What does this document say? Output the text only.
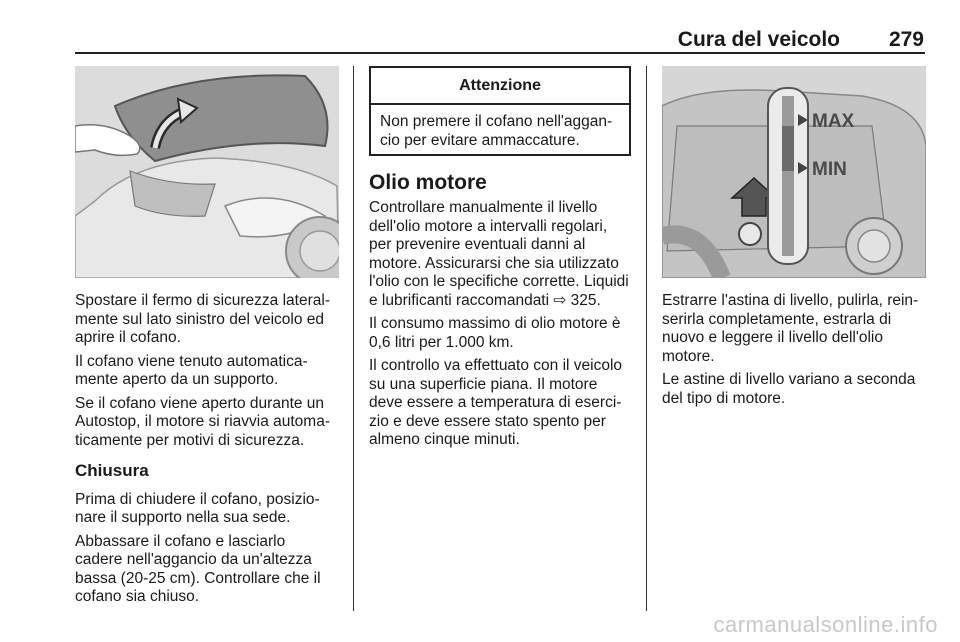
Cura del veicolo 279

Spostare il fermo di sicurezza lateral-
mente sul lato sinistro del veicolo ed
aprire il cofano.

Il cofano viene tenuto automatica-
mente aperto da un supporto.

Se il cofano viene aperto durante un
Autostop, il motore si riavvia automa-
ticamente per motivi di sicurezza.

Chiusura

Prima di chiudere il cofano, posizio-
nare il supporto nella sua sede.

Abbassare il cofano e lasciarlo
cadere nell'aggancio da un'altezza
bassa (20-25 cm). Controllare che il
cofano sia chiuso.

Attenzione
Non premere il cofano nell'aggan-
cio per evitare ammaccature.
Olio motore

Controllare manualmente il livello
dell'olio motore a intervalli regolari,
per prevenire eventuali danni al
motore. Assicurarsi che sia utilizzato
l'olio con le specifiche corrette. Liquidi
e lubrificanti raccomandati ⇨ 325.

Il consumo massimo di olio motore è
0,6 litri per 1.000 km.

Il controllo va effettuato con il veicolo
su una superficie piana. Il motore
deve essere a temperatura di eserci-
zio e deve essere stato spento per
almeno cinque minuti.

MAX
MIN

Estrarre l'astina di livello, pulirla, rein-
serirla completamente, estrarla di
nuovo e leggere il livello dell'olio
motore.

Le astine di livello variano a seconda
del tipo di motore.

carmanualsonline.info
